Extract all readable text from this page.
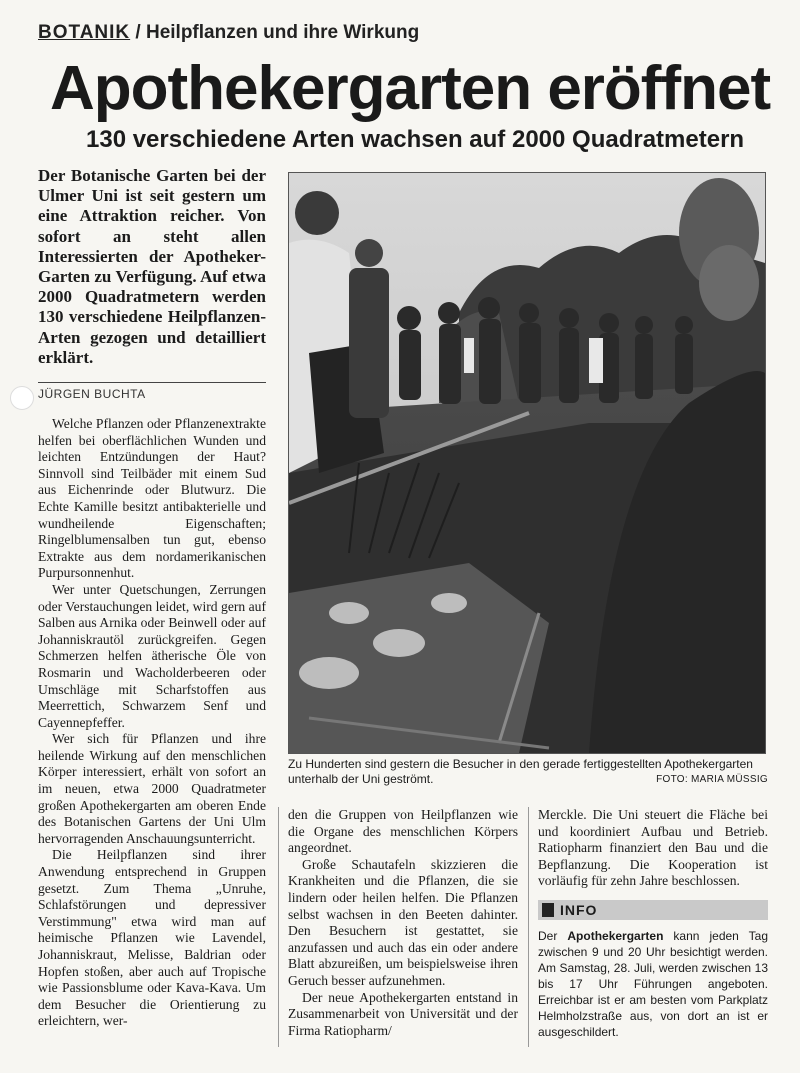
BOTANIK / Heilpflanzen und ihre Wirkung
Apothekergarten eröffnet
130 verschiedene Arten wachsen auf 2000 Quadratmetern
Der Botanische Garten bei der Ulmer Uni ist seit gestern um eine Attraktion reicher. Von sofort an steht allen Interessierten der Apotheker-Garten zu Verfügung. Auf etwa 2000 Quadratmetern werden 130 verschiedene Heilpflanzen-Arten gezogen und detailliert erklärt.
JÜRGEN BUCHTA

Welche Pflanzen oder Pflanzenextrakte helfen bei oberflächlichen Wunden und leichten Entzündungen der Haut? Sinnvoll sind Teilbäder mit einem Sud aus Eichenrinde oder Blutwurz. Die Echte Kamille besitzt antibakterielle und wundheilende Eigenschaften; Ringelblumensalben tun gut, ebenso Extrakte aus dem nordamerikanischen Purpursonnenhut.

Wer unter Quetschungen, Zerrungen oder Verstauchungen leidet, wird gern auf Salben aus Arnika oder Beinwell oder auf Johanniskrautöl zurückgreifen. Gegen Schmerzen helfen ätherische Öle von Rosmarin und Wacholderbeeren oder Umschläge mit Scharfstoffen aus Meerrettich, Schwarzem Senf und Cayennepfeffer.

Wer sich für Pflanzen und ihre heilende Wirkung auf den menschlichen Körper interessiert, erhält von sofort an im neuen, etwa 2000 Quadratmeter großen Apothekergarten am oberen Ende des Botanischen Gartens der Uni Ulm hervorragenden Anschauungsunterricht.

Die Heilpflanzen sind ihrer Anwendung entsprechend in Gruppen gesetzt. Zum Thema „Unruhe, Schlafstörungen und depressiver Verstimmung" etwa wird man auf heimische Pflanzen wie Lavendel, Johanniskraut, Melisse, Baldrian oder Hopfen stoßen, aber auch auf Tropische wie Passionsblume oder Kava-Kava. Um dem Besucher die Orientierung zu erleichtern, wer-

Zu Hunderten sind gestern die Besucher in den gerade fertiggestellten Apothekergarten unterhalb der Uni geströmt.	FOTO: MARIA MÜSSIG

den die Gruppen von Heilpflanzen wie die Organe des menschlichen Körpers angeordnet.

Große Schautafeln skizzieren die Krankheiten und die Pflanzen, die sie lindern oder heilen helfen. Die Pflanzen selbst wachsen in den Beeten dahinter. Den Besuchern ist gestattet, sie anzufassen und auch das ein oder andere Blatt abzureißen, um beispielsweise ihren Geruch besser aufzunehmen.

Der neue Apothekergarten entstand in Zusammenarbeit von Universität und der Firma Ratiopharm/

Merckle. Die Uni steuert die Fläche bei und koordiniert Aufbau und Betrieb. Ratiopharm finanziert den Bau und die Bepflanzung. Die Kooperation ist vorläufig für zehn Jahre beschlossen.

INFO
Der Apothekergarten kann jeden Tag zwischen 9 und 20 Uhr besichtigt werden. Am Samstag, 28. Juli, werden zwischen 13 bis 17 Uhr Führungen angeboten. Erreichbar ist er am besten vom Parkplatz Helmholzstraße aus, von dort an ist er ausgeschildert.
